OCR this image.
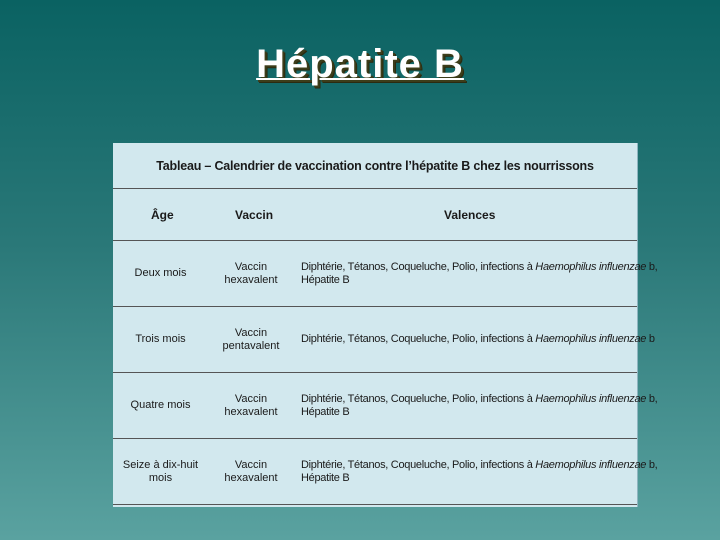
Hépatite B
Tableau – Calendrier de vaccination contre l’hépatite B chez les nourrissons
Âge	Vaccin	Valences
Deux mois
Vaccin
hexavalent
Diphtérie, Tétanos, Coqueluche, Polio, infections à Haemophilus influenzae b,
Hépatite B
Trois mois
Vaccin
pentavalent
Diphtérie, Tétanos, Coqueluche, Polio, infections à Haemophilus influenzae b
Quatre mois
Vaccin
hexavalent
Diphtérie, Tétanos, Coqueluche, Polio, infections à Haemophilus influenzae b,
Hépatite B
Seize à dix-huit mois
Vaccin
hexavalent
Diphtérie, Tétanos, Coqueluche, Polio, infections à Haemophilus influenzae b,
Hépatite B
